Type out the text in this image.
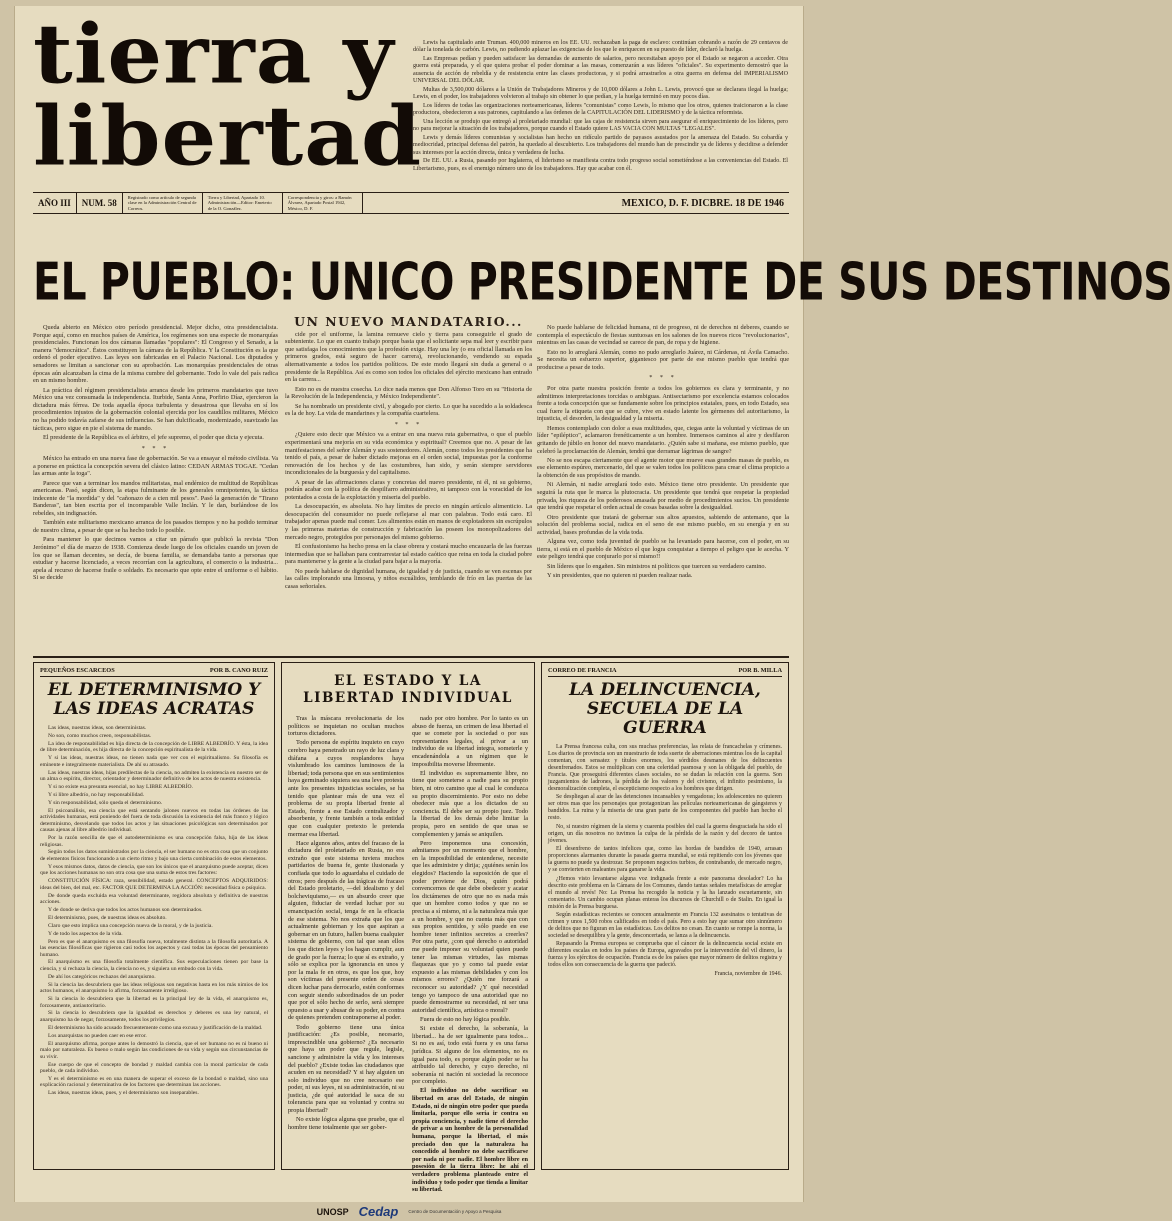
tierra y
libertad

Lewis ha capitulado ante Truman. 400,000 mineros en los EE. UU. rechazaban la paga de esclavo: continúan cobrando a razón de 29 centavos de dólar la tonelada de carbón. Lewis, no pudiendo aplazar las exigencias de los que le enriquecen en su puesto de líder, declaró la huelga.

Las Empresas pedían y pueden satisfacer las demandas de aumento de salarios, pero necesitaban apoyo por el Estado se negaron a acceder. Otra guerra está preparada, y el que quiera probar el poder dominar a las masas, comenzarán a sus líderes "oficiales". Su experimento demostró que la ausencia de acción de rebeldía y de resistencia entre las clases productoras, y si podrá arrastrarlos a otra guerra en defensa del IMPERIALISMO UNIVERSAL DEL DÓLAR.

Multas de 3,500,000 dólares a la Unión de Trabajadores Mineros y de 10,000 dólares a John L. Lewis, provocó que se declarara ilegal la huelga; Lewis, en el poder, los trabajadores volvieron al trabajo sin obtener lo que pedían, y la huelga terminó en muy pocos días.

Los líderes de todas las organizaciones norteamericanas, líderes "comunistas" como Lewis, lo mismo que los otros, quienes traicionaron a la clase productora, obedecieron a sus patrones, capitulando a las órdenes de la CAPITULACIÓN DEL LIDERISMO y de la táctica reformista.

Una lección se produjo que entregó al proletariado mundial: que las cajas de resistencia sirven para asegurar el enriquecimiento de los líderes, pero no para mejorar la situación de los trabajadores, porque cuando el Estado quiere LAS VACIA CON MULTAS "LEGALES".

Lewis y demás líderes comunistas y socialistas han hecho un ridículo partido de payasos asustados por la amenaza del Estado. Su cobardía y mediocridad, principal defensa del patrón, ha quedado al descubierto. Los trabajadores del mundo han de prescindir ya de líderes y decidirse a defender sus intereses por la acción directa, única y verdadera de lucha.

De EE. UU. a Rusia, pasando por Inglaterra, el liderismo se manifiesta contra todo progreso social sometiéndose a las conveniencias del Estado. El Libertarismo, pues, es el enemigo número uno de los trabajadores. Hay que acabar con él.

AÑO III	NUM. 58
Registrado como artículo de segunda clase en la Administración Central de Correos.
Tierra y Libertad, Apartado 10. Administración—Editor: Emeterio de la O. González.
Correspondencia y giros: a Ramón Álvarez, Apartado Postal 1942, México, D. F.	MEXICO, D. F. DICBRE. 18 DE 1946
EL PUEBLO: UNICO PRESIDENTE DE SUS DESTINOS

Queda abierto en México otro período presidencial. Mejor dicho, otra presidencialista. Porque aquí, como en muchos países de América, los regímenes son una especie de monarquías presidenciales. Funcionan los dos cámaras llamadas "populares": El Congreso y el Senado, a la manera "democrática". Éstos constituyen la cámara de la República. Y la Constitución es la que ordenó el poder ejecutivo. Las leyes son fabricadas en el Palacio Nacional. Los diputados y senadores se limitan a sancionar con su aprobación. Las monarquías presidenciales de otras épocas aún alcanzaban la cima de la misma cumbre del gobernante. Todo lo vale del país radica en un mismo hombre.

La práctica del régimen presidencialista arranca desde los primeros mandatarios que tuvo México una vez consumada la independencia. Iturbide, Santa Anna, Porfirio Díaz, ejercieron la dictadura más férrea. De toda aquella época turbulenta y desastrosa que llevaba en sí los procedimientos injustos de la gobernación colonial ejercida por los caudillos militares, México no ha podido todavía zafarse de sus influencias. Se han dulcificado, modernizado, suavizado las tácticas, pero sigue en pie el sistema de mando.

El presidente de la República es el árbitro, el jefe supremo, el poder que dicta y ejecuta.

* * *

México ha entrado en una nueva fase de gobernación. Se va a ensayar el método civilista. Va a ponerse en práctica la concepción severa del clásico latino: CEDAN ARMAS TOGAE. "Cedan las armas ante la toga".

Parece que van a terminar los mandos militaristas, mal endémico de multitud de Repúblicas americanas. Pasó, según dicen, la etapa fulminante de los generales omnipotentes, la táctica indecente de "la mordida" y del "cañonazo de a cien mil pesos". Pasó la generación de "Tirano Banderas", tan bien escrita por el incomparable Valle Inclán. Y le dan, burlándose de los rebeldes, sin indignación.

También este militarismo mexicano arranca de los pasados tiempos y no ha podido terminar de nuestro clima, a pesar de que se ha hecho todo lo posible.

Para mantener lo que decimos vamos a citar un párrafo que publicó la revista "Don Jerónimo" el día de marzo de 1938. Comienza desde luego de los oficiales cuando un joven de los que se llaman decentes, se decía, de buena familia, se demandaba tanto a personas que estudiar y hacerse licenciado, a veces recorrían con la agricultura, el comercio o la industria... apela al recurso de hacerse fraile o soldado. Es necesario que opte entre el uniforme o el hábito. Si se decide

UN NUEVO MANDATARIO...

cide por el uniforme, la lamina remueve cielo y tierra para conseguirle el grado de subteniente. Lo que en cuanto trabajo porque basta que el solicitante sepa mal leer y escribir para que satisfaga los conocimientos que la profesión exige. Hay una ley (o era oficial llamada en los primeros grados, está seguro de hacer carrera), revolucionando, vendiendo su espada alternativamente a todos los partidos políticos. De este modo llegará sin duda a general o a presidente de la República. Así es como son todos los oficiales del ejército mexicano han entrado en la carrera...

Esto no es de nuestra cosecha. Lo dice nada menos que Don Alfonso Toro en su "Historia de la Revolución de la Independencia, y México Independiente".

Se ha nombrado un presidente civil, y abogado por cierto. Lo que ha sucedido a la soldadesca es la de hoy. La vida de mandarines y la compañía cuartelera.

* * *

¿Quiere esto decir que México va a entrar en una nueva ruta gubernativa, o que el pueblo experimentará una mejoría en su vida económica y espiritual? Creemos que no. A pesar de las manifestaciones del señor Alemán y sus sostenedores. Alemán, como todos los presidentes que ha tenido el país, a pesar de haber dictado mejoras en el orden social, impuestas por la conforme renovación de los hechos y de las costumbres, han sido, y serán siempre servidores incondicionales de la burguesía y del capitalismo.

A pesar de las afirmaciones claras y concretas del nuevo presidente, ni él, ni su gobierno, podrán acabar con la política de despilfarro administrativo, ni tampoco con la voracidad de los potentados a costa de la explotación y miseria del pueblo.

La desocupación, es absoluta. No hay límites de precio en ningún artículo alimenticio. La desocupación del consumidor no puede reflejarse al mar con palabras. Todo está caro. El trabajador apenas puede mal comer. Los alimentos están en manos de explotadores sin escrúpulos y las primeras materias de construcción y fabricación las poseen los monopolizadores del mercado negro, protegidos por personajes del mismo gobierno.

El confusionismo ha hecho presa en la clase obrera y costará mucho encauzarla de las fuerzas intermedias que se hallaban para contrarrestar tal estado caótico que reina en toda la ciudad pobre para mantenerse y la gente a la ciudad para bajar a la mayoría.

No puede hablarse de dignidad humana, de igualdad y de justicia, cuando se ven escenas por las calles implorando una limosna, y niños escuálidos, temblando de frío en las puertas de las casas señoriales.

No puede hablarse de felicidad humana, ni de progreso, ni de derechos ni deberes, cuando se contempla el espectáculo de fiestas suntuosas en los salones de los nuevos ricos "revolucionarios", mientras en las casas de vecindad se carece de pan, de ropa y de higiene.

Esto no lo arreglará Alemán, como no pudo arreglarlo Juárez, ni Cárdenas, ni Ávila Camacho. Se necesita un esfuerzo superior, gigantesco por parte de ese mismo pueblo que tendrá que producirse a pesar de todo.

* * *

Por otra parte nuestra posición frente a todos los gobiernos es clara y terminante, y no admitimos interpretaciones torcidas o ambiguas. Antisectarismo por excelencia estamos colocados frente a toda concepción que se fundamente sobre los principios estatales, pues, en todo Estado, sea cual fuere la etiqueta con que se cubre, vive en estado latente los gérmenes del autoritarismo, la injusticia, el desorden, la desigualdad y la miseria.

Hemos contemplado con dolor a esas multitudes, que, ciegas ante la voluntad y víctimas de un líder "epiléptico", aclamaron frenéticamente a un hombre. Inmensos caminos al aire y desfilaron gritando de júbilo en honor del nuevo mandatario. ¿Quién sabe si mañana, ese mismo pueblo, que celebró la proclamación de Alemán, tendrá que derramar lágrimas de sangre?

No se nos escapa ciertamente que el agente motor que mueve esas grandes masas de pueblo, es ese elemento espúreo, mercenario, del que se valen todos los políticos para crear el clima propicio a la obtención de sus propósitos de mando.

Ni Alemán, ni nadie arreglará todo esto. México tiene otro presidente. Un presidente que seguirá la ruta que le marca la plutocracia. Un presidente que tendrá que respetar la propiedad privada, los riqueza de los poderosos amasada por medio de procedimientos sucios. Un presidente que tendrá que respetar el orden actual de cosas basadas sobre la desigualdad.

Otro presidente que tratará de gobernar sus altos apuestos, sabiendo de antemano, que la solución del problema social, radica en el seno de ese mismo pueblo, en su energía y en su actividad, bases profundas de la vida toda.

Alguna vez, como toda juventud de pueblo se ha levantado para hacerse, con el poder, en su tierra, si está en el pueblo de México el que logra conquistar a tiempo el peligro que le acecha. Y este peligro tendrá que conjurarlo por sí mismo!!

Sin líderes que lo engañen. Sin ministros ni políticos que tuercen su verdadero camino.

Y sin presidentes, que no quieren ni pueden realizar nada.

PEQUEÑOS ESCARCEOS	POR B. CANO RUIZ
EL DETERMINISMO Y
LAS IDEAS ACRATAS

Las ideas, nuestras ideas, son deterministas.

No son, como muchos creen, responsabilistas.

La idea de responsabilidad es hija directa de la concepción de LIBRE ALBEDRÍO. Y ésta, la idea de libre determinación, es hija directa de la concepción espiritualista de la vida.

Y si las ideas, nuestras ideas, no tienen nada que ver con el espiritualismo. Su filosofía es eminente e integralmente materialista. De ahí su atrasado.

Las ideas, nuestras ideas, hijas predilectas de la ciencia, no admiten la existencia en nuestro ser de un alma o espíritu, director, orientador y determinador definitivo de los actos de nuestra existencia.

Y si no existe esa presunta esencial, no hay LIBRE ALBEDRÍO.

Y si libre albedrío, no hay responsabilidad.

Y sin responsabilidad, sólo queda el determinismo.

El psicoanálisis, esa ciencia que está sentando jalones nuevos en todas las órdenes de las actividades humanas, está poniendo del fuera de toda discusión la existencia del más franco y lógico determinismo, desvelando que todos los actos y las situaciones psicológicas son determinados por causas ajenas al libre albedrío individual.

Por la razón sencilla de que el autodeterminismo es una concepción falsa, hija de las ideas religiosas.

Según todos los datos suministrados por la ciencia, el ser humano no es otra cosa que un conjunto de elementos físicos funcionando a un cierto ritmo y bajo una cierta combinación de estos elementos.

Y esos mismos datos, datos de ciencia, que son los únicos que el anarquismo puede aceptar, dicen que los acciones humanas no son otra cosa que una suma de estos tres factores:

CONSTITUCIÓN FÍSICA: raza, sensibilidad, estado general. CONCEPTOS ADQUIRIDOS: ideas del bien, del mal, etc. FACTOR QUE DETERMINA LA ACCIÓN: necesidad física o psíquica.

De donde queda excluida esa voluntad determinante, regidora absoluta y definitiva de nuestras acciones.

Y de donde se deriva que todos los actos humanos son determinados.

El determinismo, pues, de nuestras ideas es absoluto.

Claro que esto implica una concepción nueva de la moral, y de la justicia.

Y de todo los aspectos de la vida.

Pero es que el anarquismo es una filosofía nueva, totalmente distinta a la filosofía autoritaria. A las esencias filosóficas que rigieron casi todos los aspectos y casi todas las épocas del pensamiento humano.

El anarquismo es una filosofía totalmente científica. Sus especulaciones tienen por base la ciencia, y si rechaza la ciencia, la ciencia no es, y siguiera un embudo con la vida.

De ahí los categóricos rechazos del anarquismo.

Si la ciencia las descubriera que las ideas religiosas son negativas hasta en los más nimios de los actos humanos, el anarquismo lo afirma, forzosamente irreligioso.

Si la ciencia lo descubriera que la libertad es la principal ley de la vida, el anarquismo es, forzosamente, antiautoritario.

Si la ciencia lo descubriera que la igualdad es derechos y deberes es una ley natural, el anarquismo ha de negar, forzosamente, todos los privilegios.

El determinismo ha sido acusado frecuentemente como una excusa y justificación de la maldad.

Los anarquistas no pueden caer en ese error.

El anarquismo afirma, porque antes lo demostró la ciencia, que el ser humano no es ni bueno ni malo por naturaleza. Es bueno o malo según las condiciones de su vida y según sus circunstancias de su vivir.

Ese cuerpo de que el concepto de bondad y maldad cambia con la moral particular de cada pueblo, de cada individuo.

Y es el determinismo es en una manera de superar el exceso de la bondad o maldad, sino una explicación racional y determinativa de los factores que determinan las acciones.

Las ideas, nuestras ideas, pues, y el determinismo son inseparables.

EL ESTADO Y LA LIBERTAD INDIVIDUAL

Tras la máscara revolucionaria de los políticos se inquietan no ocultan muchos torturos dictadores.

Todo persona de espíritu inquieto en cuyo cerebro haya penetrado un rayo de luz clara y diáfana a cuyos resplandores haya vislumbrado los caminos luminosos de la libertad; toda persona que en sus sentimientos haya germinado siquiera sea una leve protesta ante los presentes injusticias sociales, se ha tenido que plantear más de una vez el problema de su propia libertad frente al Estado, frente a ese Estado centralizador y absorbente, y frente también a toda entidad que con cualquier pretexto le pretenda mermar esa libertad.

Hace algunos años, antes del fracaso de la dictadura del proletariado en Rusia, no era extraño que este sistema tuviera muchos partidarios de buena fe, gente ilusionada y confiada que todo lo aguardaba el cuidado de otros; pero después de las trágicas de fracaso del Estado proletario, —del idealismo y del bolcheviquismo,— es un absurdo creer que alguien, fiduciar de verdad luchar por su emancipación social, tenga fe en la eficacia de ese sistema. No nos extraña que los que actualmente gobiernan y los que aspiran a gobernar en un futuro, hallen buena cualquier sistema de gobierno, con tal que sean ellos los que dicten leyes y los hagan cumplir, aun de grado por la fuerza; lo que sí es extraño, y sólo se explica por la ignorancia en unos y por la mala fe en otros, es que los que, hoy son víctimas del presente orden de cosas dicen luchar para derrocarlo, estén conformes con seguir siendo subordinados de un poder que por el sólo hecho de serlo, será siempre opuesto a usar y abusar de su poder, en contra de quienes pretenden contraponerse al poder.

Todo gobierno tiene una única justificación: ¿Es posible, necesario, imprescindible una gobierno? ¿Es necesario que haya un poder que regule, legisle, sancione y administre la vida y los intereses del pueblo? ¿Existe todas las ciudadanos que acuden en su necesidad? Y si hay alguien un solo individuo que no cree necesario ese poder, ni sus leyes, ni su administración, ni su justicia, ¿de qué autoridad le saca de su tolerancia para que su voluntad y contra su propia libertad?

No existe lógica alguna que pruebe, que el hombre tiene totalmente que ser gober-

nado por otro hombre. Por lo tanto es un abuso de fuerza, un crimen de lesa libertad el que se comete por la sociedad o por sus representantes legales, al privar a un individuo de su libertad íntegra, someterle y encadenándola a un régimen que le imposibilita moverse libremente.

El individuo es supremamente libre, no tiene que someterse a nadie para su propio bien, ni otro camino que al cual le conduzca su propio discernimiento. Por esto no debe obedecer más que a los dictados de su conciencia. El debe ser su propio juez. Todo la libertad de los demás debe limitar la propia, pero en sentido de que unas se complementen y jamás se aniquilen.

Pero imponemos una concesión, admitamos por un momento que el hombre, en la imposibilidad de entenderse, necesite que les administre y dirija; ¿quiénes serán los elegidos? Haciendo la suposición de que el poder proviene de Dios, quién podrá convencernos de que debe obedecer y acatar los dictámenes de otro que no es nada más que un hombre como todos y que no se precisa a sí mismo, ni a la naturaleza más que a un hombre, y que no cuenta más que con sus propios sentidos, y sólo puede en ese hombre tener infinitos secretos a creerles? Por otra parte, ¿con qué derecho o autoridad me puede imponer su voluntad quien puede tener las mismas virtudes, las mismas flaquezas que yo y como tal puede estar expuesto a las mismas debilidades y con los mismos errores? ¿Quién me forzará a reconocer su autoridad? ¿Y qué necesidad tengo yo tampoco de una autoridad que no puede demostrarme su necesidad, ni ser una autoridad científica, artística o moral?

Fuera de esto no hay lógica posible.

Si existe el derecho, la soberanía, la libertad... ha de ser igualmente para todos... Si no es así, todo está fuera y es una farsa jurídica. Si alguno de los elementos, no es igual para todo, es porque algún poder se ha atribuido tal derecho, y cuyo derecho, ni soberanía ni nación ni sociedad la reconoce por completo.

El individuo no debe sacrificar su libertad en aras del Estado, de ningún Estado, ni de ningún otro poder que pueda limitarla, porque ello sería ir contra su propia conciencia, y nadie tiene el derecho de privar a un hombre de la personalidad humana, porque la libertad, el más preciado don que la naturaleza ha concedido al hombre no debe sacrificarse por nada ni por nadie. El hombre libre en posesión de la tierra libre: he ahí el verdadero problema planteado entre el individuo y todo poder que tienda a limitar su libertad.

CORREO DE FRANCIA	POR B. MILLA
LA DELINCUENCIA,
SECUELA DE LA GUERRA

La Prensa francesa culta, con sus muchas preferencias, las relata de francachelas y crímenes. Los diarios de provincia son un muestrario de toda suerte de aberraciones mientras los de la capital comentan, con sensatez y títulos enormes, los sórdidos desmanes de los delincuentes desenfrenados. Estos se multiplican con una celeridad pasmosa y son la obligada del pueblo, de Francia. Que proseguirá diferentes clases sociales, no se dudan la relación con la guerra. Son juzgamientos de ladrones, la pérdida de los valores y del civismo, el infinito pesimismo, la desmoralización completa, el escepticismo respecto a los hombres que dirigen.

Se despliegan al azar de las detenciones incansables y vengadoras; los adolescentes no quieren ser otros mas que los personajes que protagonizan las películas norteamericanas de gángsteres y bandidos. La ruina y la miseria de una gran parte de los componentes del pueblo han hecho el resto.

No, si nuestro régimen de la sierra y cuarenta posibles del cual la guerra desgraciada ha sido el origen, un día nosotros no tuvimos la culpa de la pérdida de la razón y del decoro de tantos jóvenes.

El desenfreno de tantos infelices que, como las hordas de bandidos de 1940, arrasan proporciones alarmantes durante la pasada guerra mundial, se está repitiendo con los jóvenes que la guerra no puede ya destrozar. Se proponen negocios turbios, de contrabando, de mercado negro, y se convierten en maleantes para ganarse la vida.

¿Hemos visto levantarse alguna voz indignada frente a este panorama desolador? Lo ha descrito este problema en la Cámara de los Comunes, dando tantas señales metafísicas de arreglar el mundo al revés! No: La Prensa ha recogido la noticia y la ha lanzado escuetamente, sin comentario. Un cambio ocupan planas enteras los discursos de Churchill o de Stalin. En igual la misión de la Prensa burguesa.

Según estadísticas recientes se conocen anualmente en Francia 132 asesinatos o tentativas de crimen y unos 1,500 robos calificados en todo el país. Pero a esto hay que sumar otro sinnúmero de delitos que no figuran en las estadísticas. Los delitos no cesan. En cuanto se rompe la norma, la sociedad se desequilibra y la gente, desconcertada, se lanza a la delincuencia.

Repasando la Prensa europea se comprueba que el cáncer de la delincuencia social existe en diferentes escalas en todos los países de Europa, agravados por la intervención del vil dinero, la fuerza y los ejércitos de ocupación. Francia es de los países que mayor número de delitos registra y todos ellos son consecuencia de la guerra que padeció.

Francia, noviembre de 1946.

UNOSP Cedap Centro de Documentación y Apoyo a Pesquisa
